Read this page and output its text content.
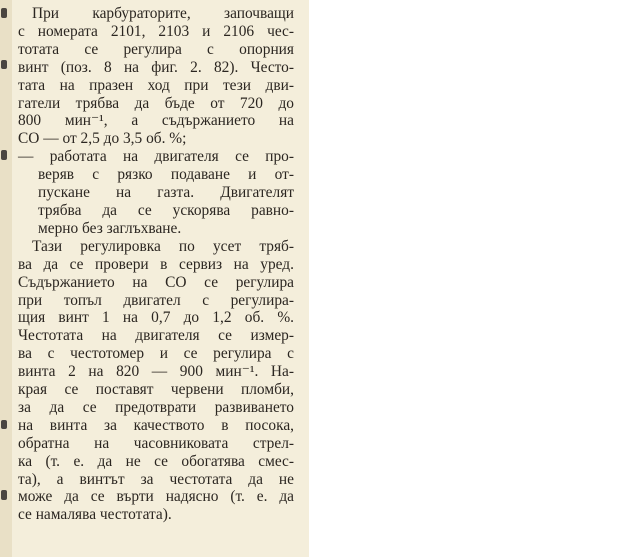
При карбураторите, започващи
с номерата 2101, 2103 и 2106 чес-
тотата се регулира с опорния
винт (поз. 8 на фиг. 2. 82). Често-
тата на празен ход при тези дви-
гатели трябва да бъде от 720 до
800 мин⁻¹, а съдържанието на
СО — от 2,5 до 3,5 об. %;
— работата на двигателя се про-
веряв с рязко подаване и от-
пускане на газта. Двигателят
трябва да се ускорява равно-
мерно без заглъхване.
Тази регулировка по усет тряб-
ва да се провери в сервиз на уред.
Съдържанието на СО се регулира
при топъл двигател с регулира-
щия винт 1 на 0,7 до 1,2 об. %.
Честотата на двигателя се измер-
ва с честотомер и се регулира с
винта 2 на 820 — 900 мин⁻¹. На-
края се поставят червени пломби,
за да се предотврати развиването
на винта за качеството в посока,
обратна на часовниковата стрел-
ка (т. е. да не се обогатява смес-
та), а винтът за честотата да не
може да се върти надясно (т. е. да
се намалява честотата).
